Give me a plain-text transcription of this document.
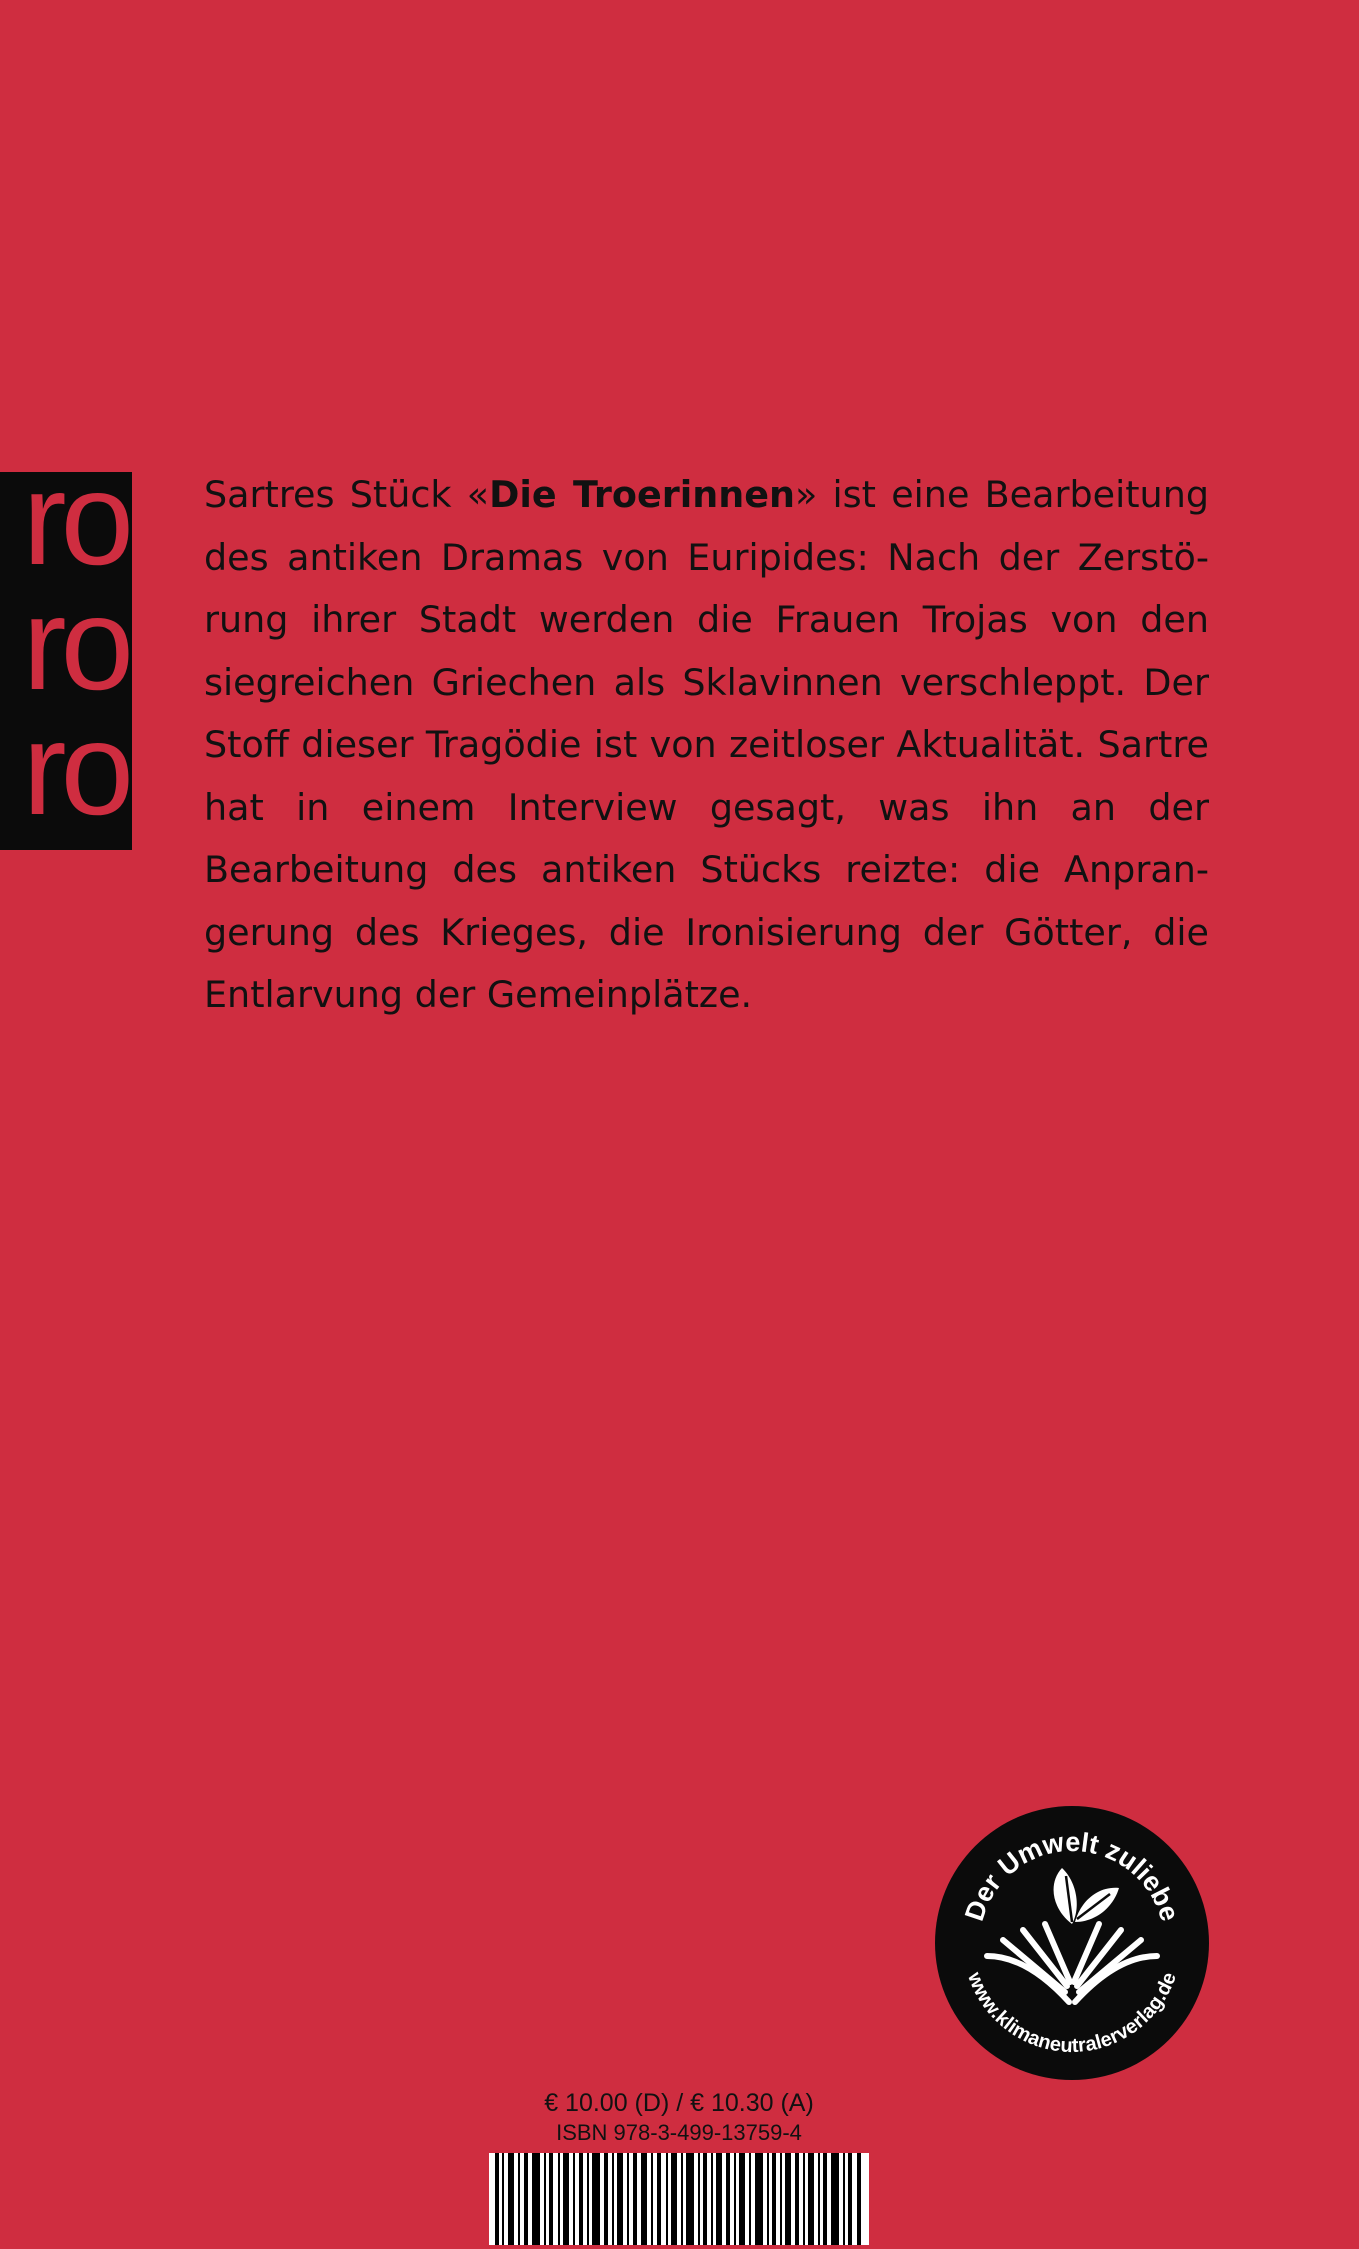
ro
ro
ro

Sartres Stück «Die Troerinnen» ist eine Bearbeitung des antiken Dramas von Euripides: Nach der Zerstörung ihrer Stadt werden die Frauen Trojas von den siegreichen Griechen als Sklavinnen verschleppt. Der Stoff dieser Tragödie ist von zeitloser Aktualität. Sartre hat in einem Interview gesagt, was ihn an der Bearbeitung des antiken Stücks reizte: die Anprangerung des Krieges, die Ironisierung der Götter, die Entlarvung der Gemeinplätze.

Der Umwelt zuliebe
www.klimaneutralerverlag.de
€ 10.00 (D) / € 10.30 (A)
ISBN 978-3-499-13759-4
